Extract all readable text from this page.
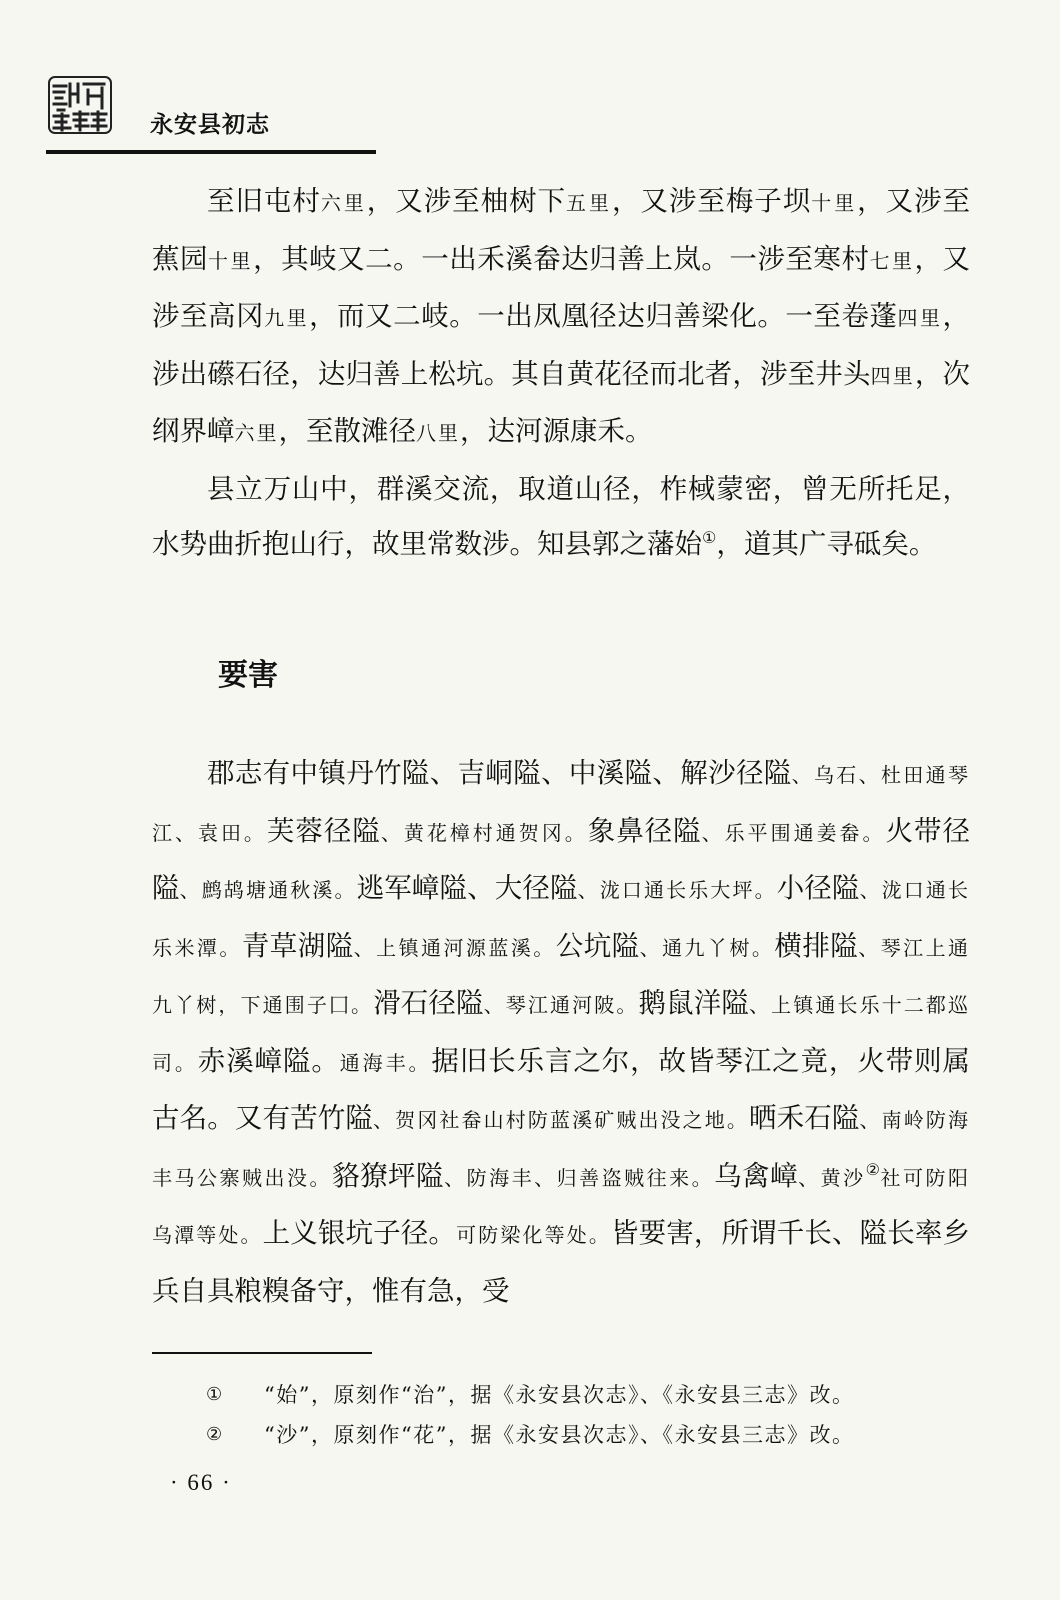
永安县初志

至旧屯村六里，又涉至柚树下五里，又涉至梅子坝十里，又涉至蕉园十里，其岐又二。一出禾溪畚达归善上岚。一涉至寒村七里，又涉至高冈九里，而又二岐。一出凤凰径达归善梁化。一至卷蓬四里，涉出礤石径，达归善上松坑。其自黄花径而北者，涉至井头四里，次纲界嶂六里，至散滩径八里，达河源康禾。

县立万山中，群溪交流，取道山径，柞棫蒙密，曾无所托足，水势曲折抱山行，故里常数涉。知县郭之藩始①，道其广寻砥矣。

要害

郡志有中镇丹竹隘、吉峒隘、中溪隘、解沙径隘、乌石、杜田通琴江、袁田。芙蓉径隘、黄花樟村通贺冈。象鼻径隘、乐平围通姜畚。火带径隘、鹧鸪塘通秋溪。逃军嶂隘、大径隘、泷口通长乐大坪。小径隘、泷口通长乐米潭。青草湖隘、上镇通河源蓝溪。公坑隘、通九丫树。横排隘、琴江上通九丫树，下通围子囗。滑石径隘、琴江通河陂。鹅鼠洋隘、上镇通长乐十二都巡司。赤溪嶂隘。通海丰。据旧长乐言之尔，故皆琴江之竟，火带则属古名。又有苦竹隘、贺冈社畚山村防蓝溪矿贼出没之地。晒禾石隘、南岭防海丰马公寨贼出没。貉獠坪隘、防海丰、归善盗贼往来。乌禽嶂、黄沙②社可防阳乌潭等处。上义银坑子径。可防梁化等处。皆要害，所谓千长、隘长率乡兵自具粮糗备守，惟有急，受

①	“始”，原刻作“治”，据《永安县次志》、《永安县三志》改。
②	“沙”，原刻作“花”，据《永安县次志》、《永安县三志》改。
· 66 ·
